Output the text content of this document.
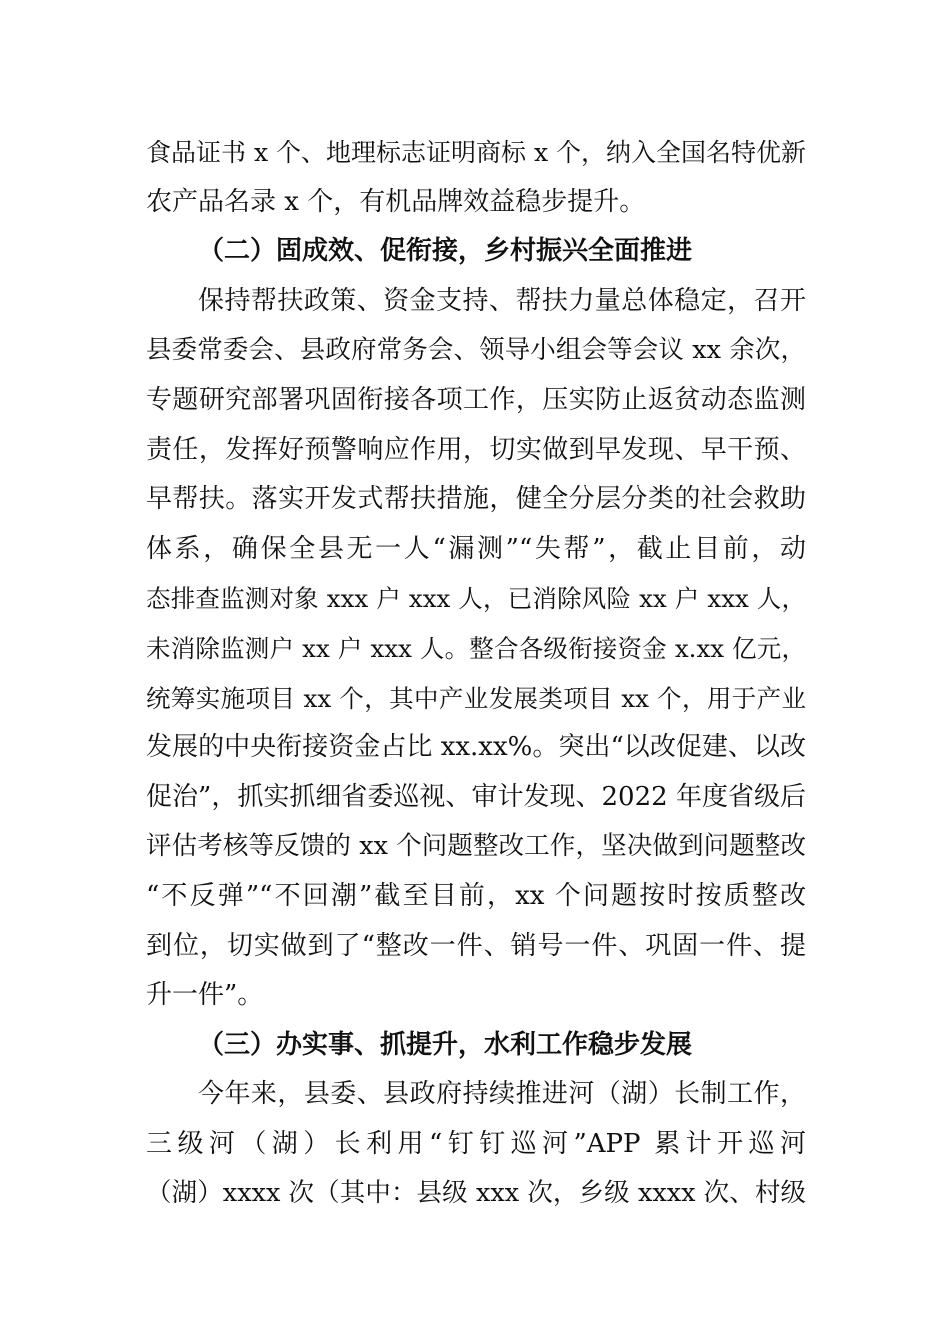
食品证书 x 个、地理标志证明商标 x 个，纳入全国名特优新
农产品名录 x 个，有机品牌效益稳步提升。
（二）固成效、促衔接，乡村振兴全面推进
保持帮扶政策、资金支持、帮扶力量总体稳定，召开
县委常委会、县政府常务会、领导小组会等会议 xx 余次，
专题研究部署巩固衔接各项工作，压实防止返贫动态监测
责任，发挥好预警响应作用，切实做到早发现、早干预、
早帮扶。落实开发式帮扶措施，健全分层分类的社会救助
体系，确保全县无一人“漏测”“失帮”，截止目前，动
态排查监测对象 xxx 户 xxx 人，已消除风险 xx 户 xxx 人，
未消除监测户 xx 户 xxx 人。整合各级衔接资金 x.xx 亿元，
统筹实施项目 xx 个，其中产业发展类项目 xx 个，用于产业
发展的中央衔接资金占比 xx.xx%。突出“以改促建、以改
促治”，抓实抓细省委巡视、审计发现、2022 年度省级后
评估考核等反馈的 xx 个问题整改工作，坚决做到问题整改
“不反弹”“不回潮”截至目前，xx 个问题按时按质整改
到位，切实做到了“整改一件、销号一件、巩固一件、提
升一件”。
（三）办实事、抓提升，水利工作稳步发展
今年来，县委、县政府持续推进河（湖）长制工作，
三级河（湖）长利用“钉钉巡河”APP 累计开巡河
（湖）xxxx 次（其中：县级 xxx 次，乡级 xxxx 次、村级
